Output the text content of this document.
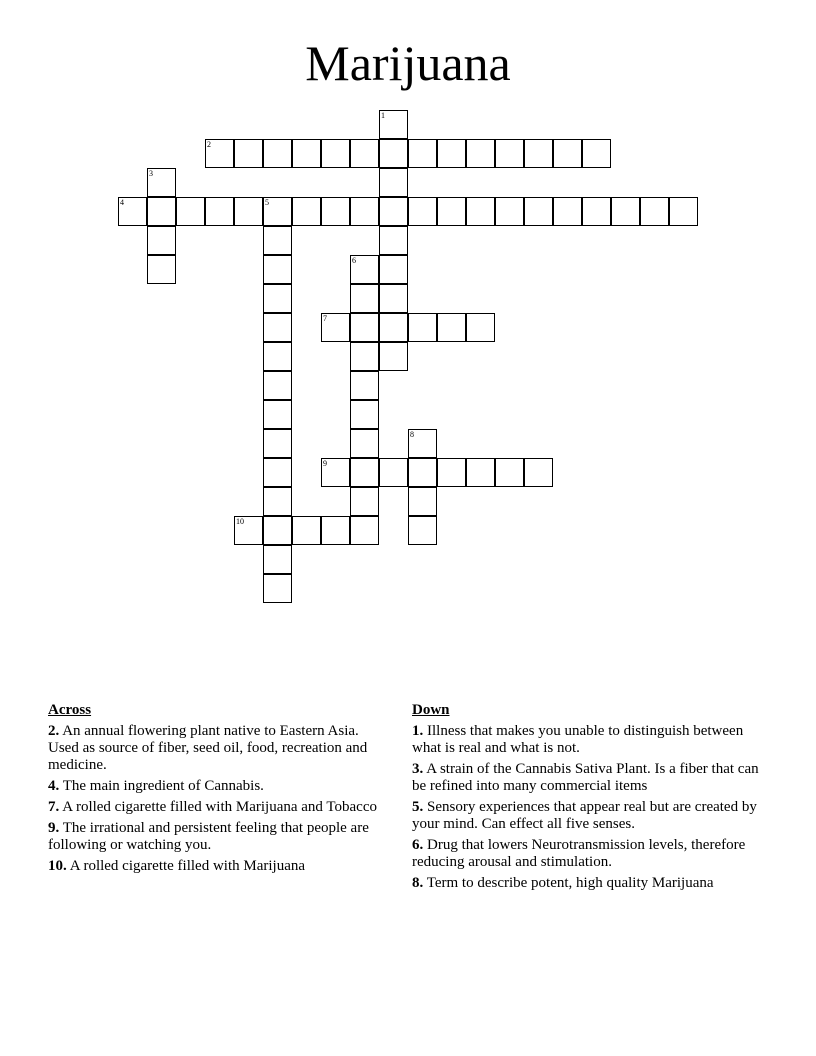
Marijuana
1
2
3
4	5
6
7
8
9
10
Across
2. An annual flowering plant native to Eastern Asia. Used as source of fiber, seed oil, food, recreation and medicine.
4. The main ingredient of Cannabis.
7. A rolled cigarette filled with Marijuana and Tobacco
9. The irrational and persistent feeling that people are following or watching you.
10. A rolled cigarette filled with Marijuana
Down
1. Illness that makes you unable to distinguish between what is real and what is not.
3. A strain of the Cannabis Sativa Plant. Is a fiber that can be refined into many commercial items
5. Sensory experiences that appear real but are created by your mind. Can effect all five senses.
6. Drug that lowers Neurotransmission levels, therefore reducing arousal and stimulation.
8. Term to describe potent, high quality Marijuana
